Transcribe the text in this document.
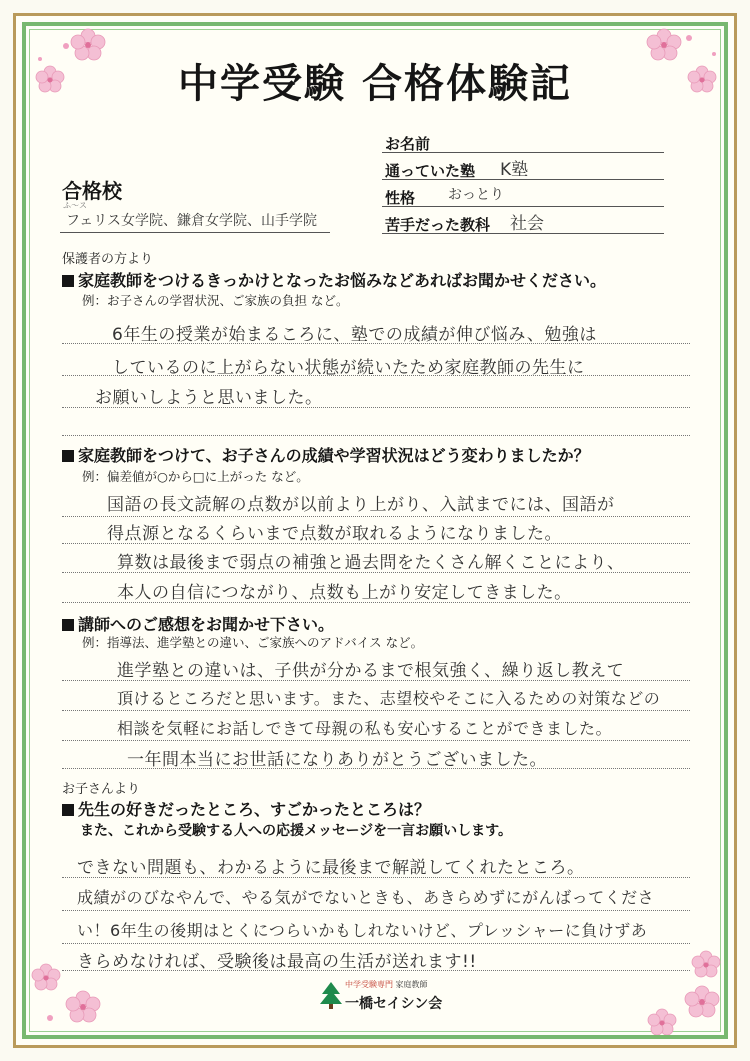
中学受験 合格体験記
お名前
通っていた塾 K塾
性格 おっとり
苦手だった教科 社会
合格校
ふ〜ス
フェリス女学院、鎌倉女学院、山手学院
保護者の方より
家庭教師をつけるきっかけとなったお悩みなどあればお聞かせください。
例：お子さんの学習状況、ご家族の負担 など。
6年生の授業が始まるころに、塾での成績が伸び悩み、勉強は
しているのに上がらない状態が続いたため家庭教師の先生に
お願いしようと思いました。
家庭教師をつけて、お子さんの成績や学習状況はどう変わりましたか？
例：偏差値が○から□に上がった など。
国語の長文読解の点数が以前より上がり、入試までには、国語が
得点源となるくらいまで点数が取れるようになりました。
算数は最後まで弱点の補強と過去問をたくさん解くことにより、
本人の自信につながり、点数も上がり安定してきました。
講師へのご感想をお聞かせ下さい。
例：指導法、進学塾との違い、ご家族へのアドバイス など。
進学塾との違いは、子供が分かるまで根気強く、繰り返し教えて
頂けるところだと思います。また、志望校やそこに入るための対策などの
相談を気軽にお話しできて母親の私も安心することができました。
一年間本当にお世話になりありがとうございました。
お子さんより
先生の好きだったところ、すごかったところは？
また、これから受験する人への応援メッセージを一言お願いします。
できない問題も、わかるように最後まで解説してくれたところ。
成績がのびなやんで、やる気がでないときも、あきらめずにがんばってくださ
い！6年生の後期はとくにつらいかもしれないけど、プレッシャーに負けずあ
きらめなければ、受験後は最高の生活が送れます!!
中学受験専門 家庭教師
一橋セイシン会
